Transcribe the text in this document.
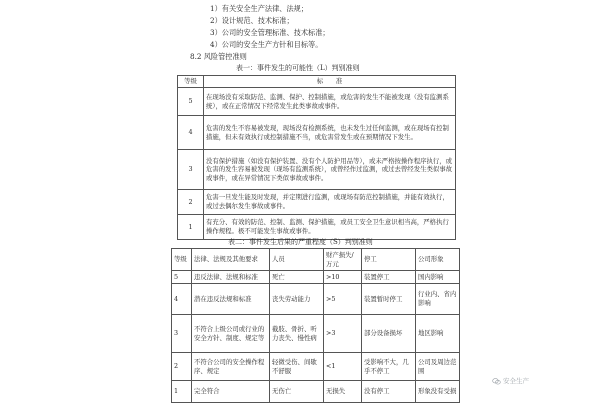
1）有关安全生产法律、法规；
2）设计规范、技术标准；
3）公司的安全管理标准、技术标准；
4）公司的安全生产方针和目标等。
8.2 风险管控准则
表一：事件发生的可能性（L）判别准则
等级	标　　准
5	在现场没有采取防范、监测、保护、控制措施，或危害的发生不能被发现（没有监测系统），或在正常情况下经常发生此类事故或事件。
4	危害的发生不容易被发现，现场没有检测系统，也未发生过任何监测，或在现场有控制措施，但未有效执行或控制措施不当，或危害常发生或在预期情况下发生。
3	没有保护措施（如没有保护装置、没有个人防护用品等），或未严格按操作程序执行，或危害的发生容易被发现（现场有监测系统），或曾经作过监测，或过去曾经发生类似事故或事件，或在异常情况下类似事故或事件。
2	危害一旦发生能及时发现，并定期进行监测，或现场有防范控制措施，并能有效执行，或过去偶尔发生事故或事件。
1	有充分、有效的防范、控制、监测、保护措施，或员工安全卫生意识相当高，严格执行操作规程。极不可能发生事故或事件。
表二：事件发生后果的严重程度（S）判别准则
等级	法律、法规及其他要求	人员	财产损失/万元	停工	公司形象
5	违反法律、法规和标准	死亡	>10	装置停工	国内影响
4	潜在违反法规和标准	丧失劳动能力	>5	装置暂时停工	行业内、省内影响
3	不符合上级公司或行业的安全方针、制度、规定等	截肢、骨折、听力丧失、慢性病	>3	部分设备损坏	地区影响
2	不符合公司的安全操作程序、规定	轻微受伤、间歇不舒服	<1	受影响不大，几乎不停工	公司及周边范围
1	完全符合	无伤亡	无损失	没有停工	形象没有受损
安全生产
